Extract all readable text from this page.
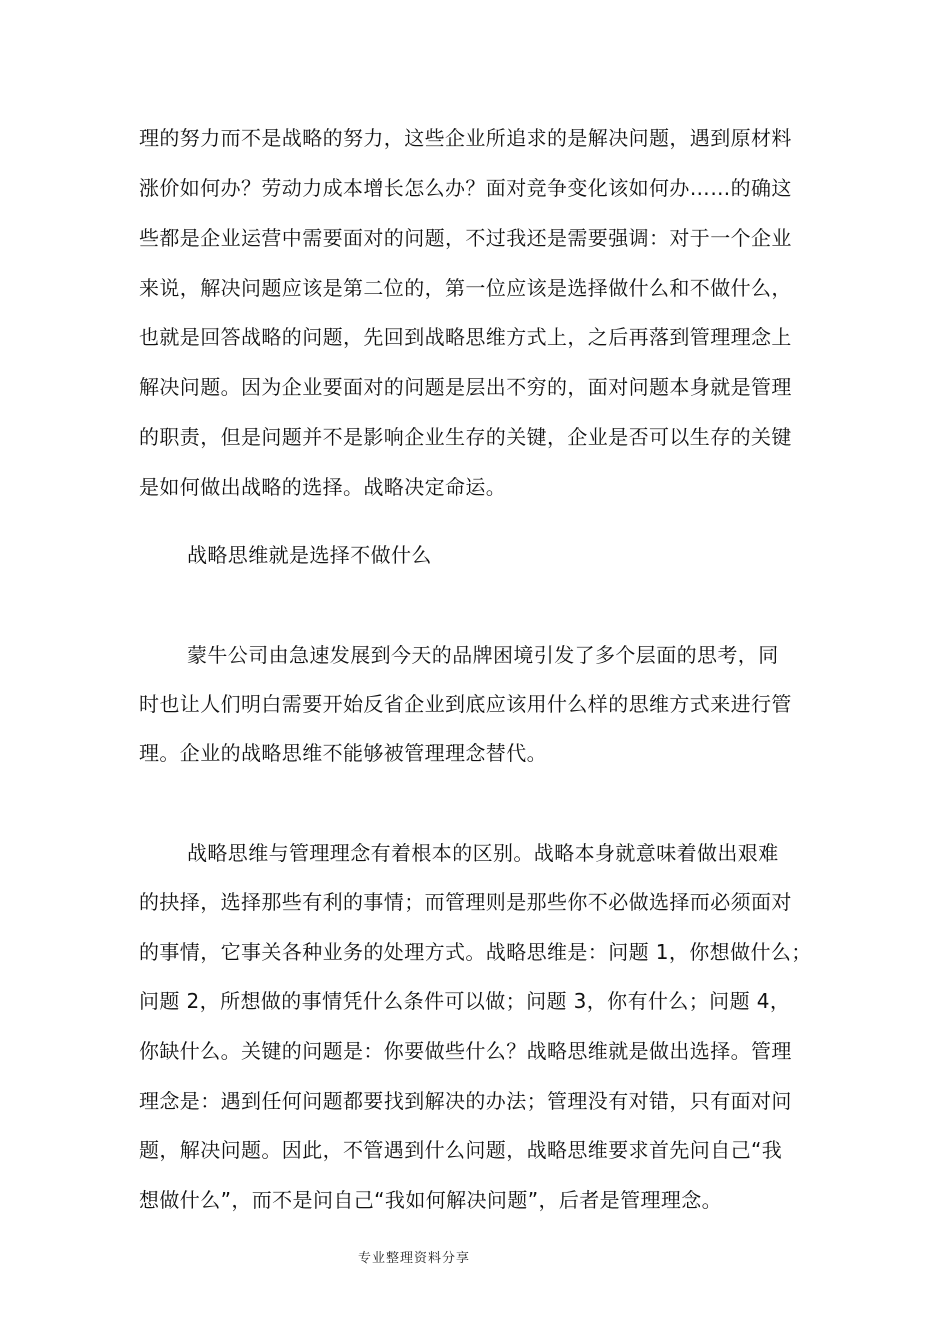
理的努力而不是战略的努力，这些企业所追求的是解决问题，遇到原材料
涨价如何办？劳动力成本增长怎么办？面对竞争变化该如何办……的确这
些都是企业运营中需要面对的问题，不过我还是需要强调：对于一个企业
来说，解决问题应该是第二位的，第一位应该是选择做什么和不做什么，
也就是回答战略的问题，先回到战略思维方式上，之后再落到管理理念上
解决问题。因为企业要面对的问题是层出不穷的，面对问题本身就是管理
的职责，但是问题并不是影响企业生存的关键，企业是否可以生存的关键
是如何做出战略的选择。战略决定命运。
战略思维就是选择不做什么
蒙牛公司由急速发展到今天的品牌困境引发了多个层面的思考，同
时也让人们明白需要开始反省企业到底应该用什么样的思维方式来进行管
理。企业的战略思维不能够被管理理念替代。
战略思维与管理理念有着根本的区别。战略本身就意味着做出艰难
的抉择，选择那些有利的事情；而管理则是那些你不必做选择而必须面对
的事情，它事关各种业务的处理方式。战略思维是：问题 1，你想做什么；
问题 2，所想做的事情凭什么条件可以做；问题 3，你有什么；问题 4，
你缺什么。关键的问题是：你要做些什么？战略思维就是做出选择。管理
理念是：遇到任何问题都要找到解决的办法；管理没有对错，只有面对问
题，解决问题。因此，不管遇到什么问题，战略思维要求首先问自己“我
想做什么”，而不是问自己“我如何解决问题”，后者是管理理念。
专业整理资料分享
